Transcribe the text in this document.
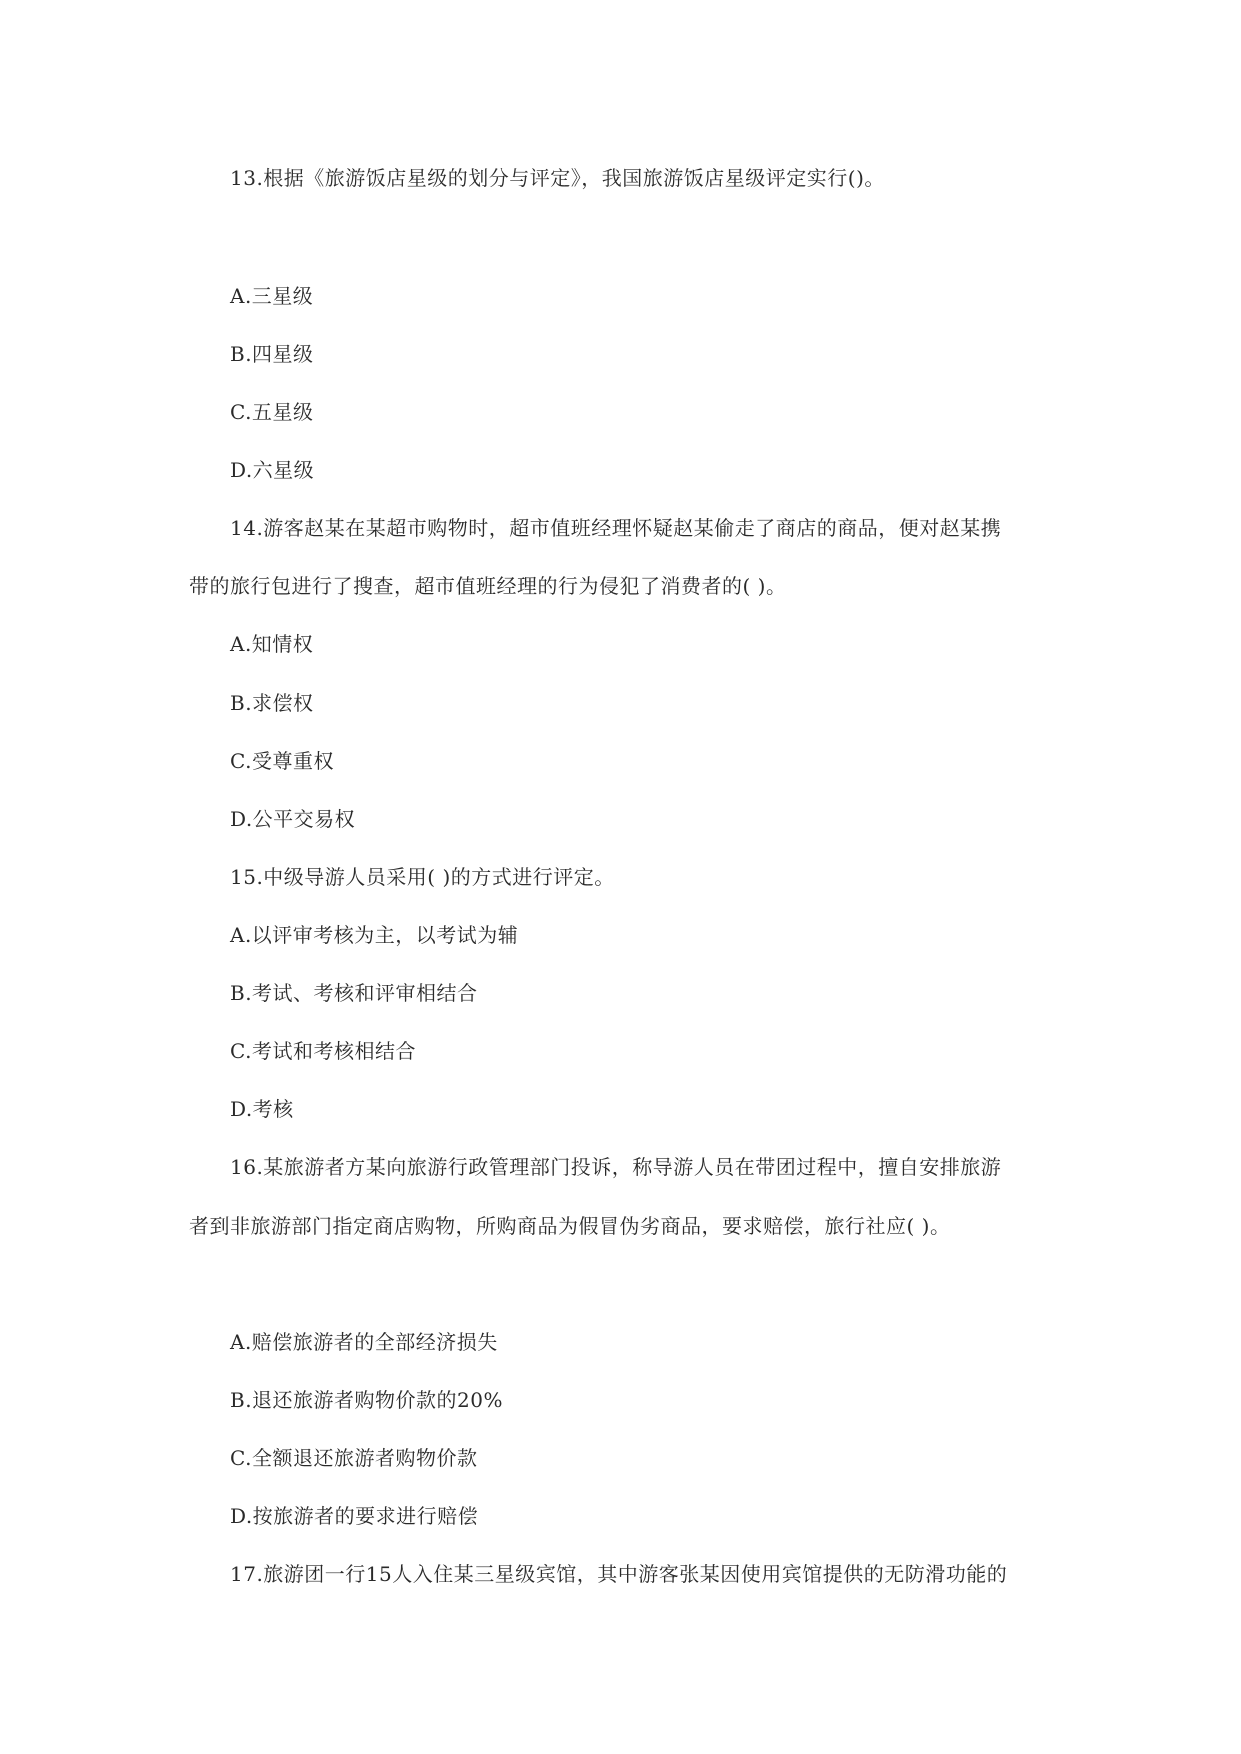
13.根据《旅游饭店星级的划分与评定》，我国旅游饭店星级评定实行()。
A.三星级
B.四星级
C.五星级
D.六星级
14.游客赵某在某超市购物时，超市值班经理怀疑赵某偷走了商店的商品，便对赵某携
带的旅行包进行了搜查，超市值班经理的行为侵犯了消费者的( )。
A.知情权
B.求偿权
C.受尊重权
D.公平交易权
15.中级导游人员采用( )的方式进行评定。
A.以评审考核为主，以考试为辅
B.考试、考核和评审相结合
C.考试和考核相结合
D.考核
16.某旅游者方某向旅游行政管理部门投诉，称导游人员在带团过程中，擅自安排旅游
者到非旅游部门指定商店购物，所购商品为假冒伪劣商品，要求赔偿，旅行社应( )。
A.赔偿旅游者的全部经济损失
B.退还旅游者购物价款的20%
C.全额退还旅游者购物价款
D.按旅游者的要求进行赔偿
17.旅游团一行15人入住某三星级宾馆，其中游客张某因使用宾馆提供的无防滑功能的
